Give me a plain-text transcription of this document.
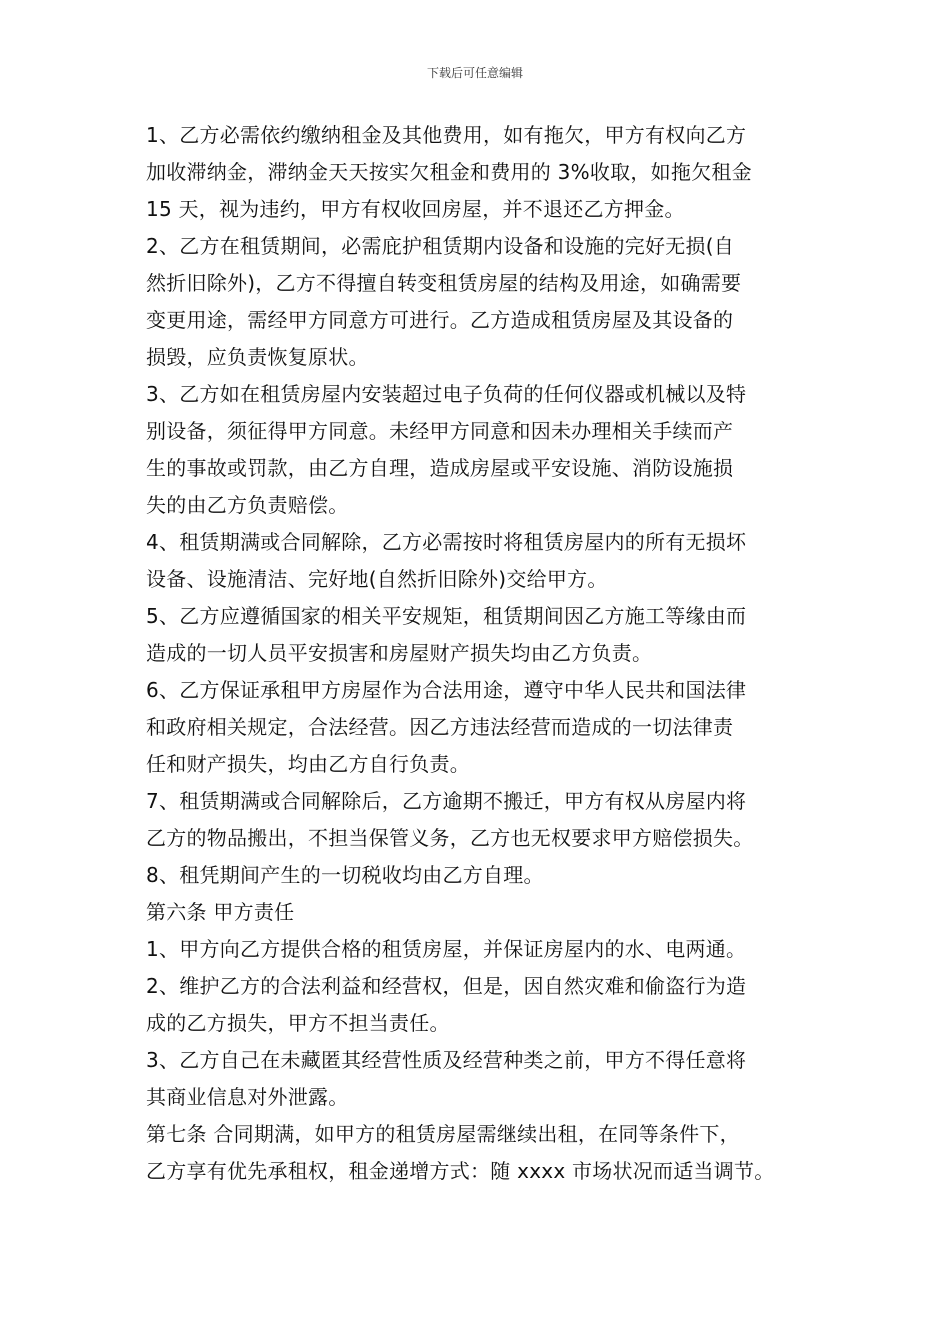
下载后可任意编辑
1、乙方必需依约缴纳租金及其他费用，如有拖欠，甲方有权向乙方
加收滞纳金，滞纳金天天按实欠租金和费用的 3%收取，如拖欠租金
15 天，视为违约，甲方有权收回房屋，并不退还乙方押金。
2、乙方在租赁期间，必需庇护租赁期内设备和设施的完好无损(自
然折旧除外)，乙方不得擅自转变租赁房屋的结构及用途，如确需要
变更用途，需经甲方同意方可进行。乙方造成租赁房屋及其设备的
损毁，应负责恢复原状。
3、乙方如在租赁房屋内安装超过电子负荷的任何仪器或机械以及特
别设备，须征得甲方同意。未经甲方同意和因未办理相关手续而产
生的事故或罚款，由乙方自理，造成房屋或平安设施、消防设施损
失的由乙方负责赔偿。
4、租赁期满或合同解除，乙方必需按时将租赁房屋内的所有无损坏
设备、设施清洁、完好地(自然折旧除外)交给甲方。
5、乙方应遵循国家的相关平安规矩，租赁期间因乙方施工等缘由而
造成的一切人员平安损害和房屋财产损失均由乙方负责。
6、乙方保证承租甲方房屋作为合法用途，遵守中华人民共和国法律
和政府相关规定，合法经营。因乙方违法经营而造成的一切法律责
任和财产损失，均由乙方自行负责。
7、租赁期满或合同解除后，乙方逾期不搬迁，甲方有权从房屋内将
乙方的物品搬出，不担当保管义务，乙方也无权要求甲方赔偿损失。
8、租凭期间产生的一切税收均由乙方自理。
第六条 甲方责任
1、甲方向乙方提供合格的租赁房屋，并保证房屋内的水、电两通。
2、维护乙方的合法利益和经营权，但是，因自然灾难和偷盗行为造
成的乙方损失，甲方不担当责任。
3、乙方自己在未藏匿其经营性质及经营种类之前，甲方不得任意将
其商业信息对外泄露。
第七条 合同期满，如甲方的租赁房屋需继续出租，在同等条件下，
乙方享有优先承租权，租金递增方式：随 xxxx 市场状况而适当调节。
